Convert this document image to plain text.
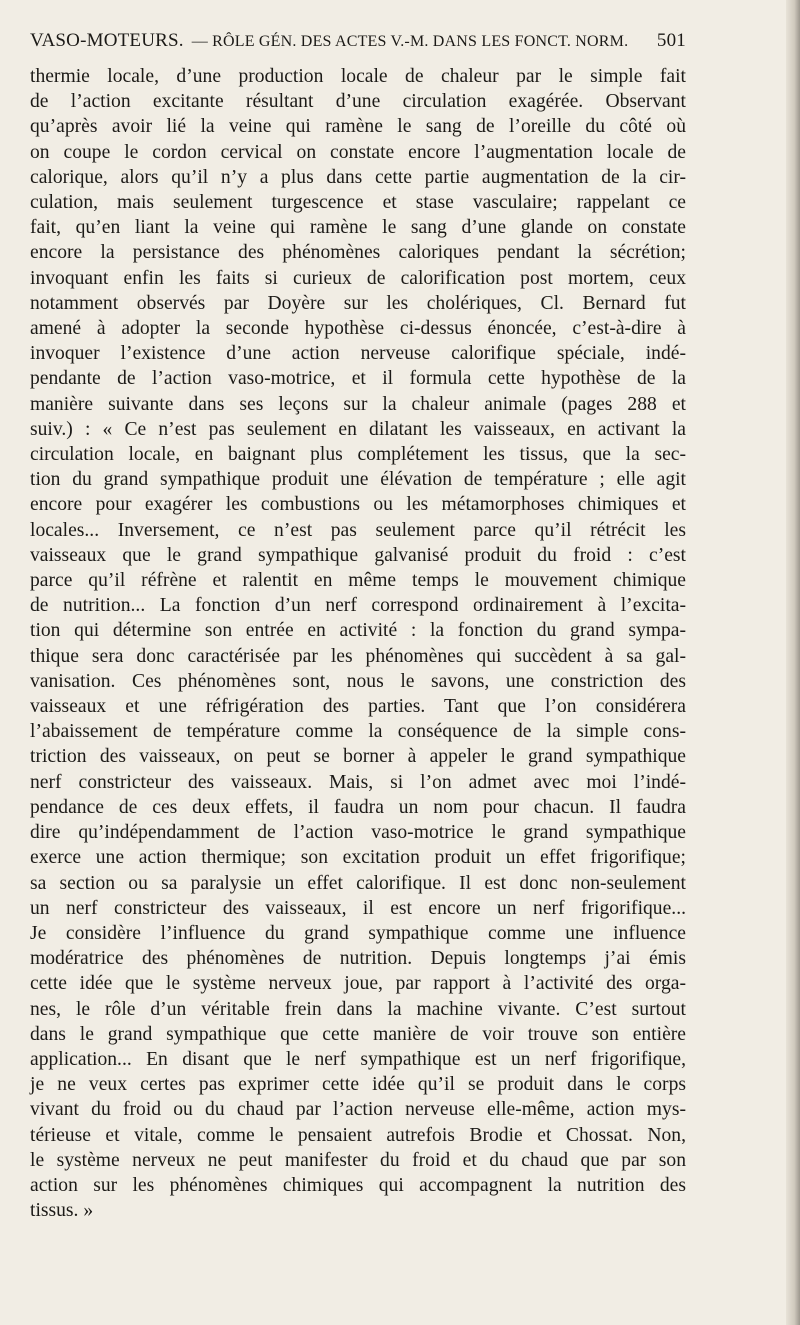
VASO-MOTEURS. — RÔLE GÉN. DES ACTES V.-M. DANS LES FONCT. NORM.	501

thermie locale, d’une production locale de chaleur par le simple fait
de l’action excitante résultant d’une circulation exagérée. Observant
qu’après avoir lié la veine qui ramène le sang de l’oreille du côté où
on coupe le cordon cervical on constate encore l’augmentation locale de
calorique, alors qu’il n’y a plus dans cette partie augmentation de la cir-
culation, mais seulement turgescence et stase vasculaire; rappelant ce
fait, qu’en liant la veine qui ramène le sang d’une glande on constate
encore la persistance des phénomènes caloriques pendant la sécrétion;
invoquant enfin les faits si curieux de calorification post mortem, ceux
notamment observés par Doyère sur les cholériques, Cl. Bernard fut
amené à adopter la seconde hypothèse ci-dessus énoncée, c’est-à-dire à
invoquer l’existence d’une action nerveuse calorifique spéciale, indé-
pendante de l’action vaso-motrice, et il formula cette hypothèse de la
manière suivante dans ses leçons sur la chaleur animale (pages 288 et
suiv.) : « Ce n’est pas seulement en dilatant les vaisseaux, en activant la
circulation locale, en baignant plus complétement les tissus, que la sec-
tion du grand sympathique produit une élévation de température ; elle agit
encore pour exagérer les combustions ou les métamorphoses chimiques et
locales... Inversement, ce n’est pas seulement parce qu’il rétrécit les
vaisseaux que le grand sympathique galvanisé produit du froid : c’est
parce qu’il réfrène et ralentit en même temps le mouvement chimique
de nutrition... La fonction d’un nerf correspond ordinairement à l’excita-
tion qui détermine son entrée en activité : la fonction du grand sympa-
thique sera donc caractérisée par les phénomènes qui succèdent à sa gal-
vanisation. Ces phénomènes sont, nous le savons, une constriction des
vaisseaux et une réfrigération des parties. Tant que l’on considérera
l’abaissement de température comme la conséquence de la simple cons-
triction des vaisseaux, on peut se borner à appeler le grand sympathique
nerf constricteur des vaisseaux. Mais, si l’on admet avec moi l’indé-
pendance de ces deux effets, il faudra un nom pour chacun. Il faudra
dire qu’indépendamment de l’action vaso-motrice le grand sympathique
exerce une action thermique; son excitation produit un effet frigorifique;
sa section ou sa paralysie un effet calorifique. Il est donc non-seulement
un nerf constricteur des vaisseaux, il est encore un nerf frigorifique...
Je considère l’influence du grand sympathique comme une influence
modératrice des phénomènes de nutrition. Depuis longtemps j’ai émis
cette idée que le système nerveux joue, par rapport à l’activité des orga-
nes, le rôle d’un véritable frein dans la machine vivante. C’est surtout
dans le grand sympathique que cette manière de voir trouve son entière
application... En disant que le nerf sympathique est un nerf frigorifique,
je ne veux certes pas exprimer cette idée qu’il se produit dans le corps
vivant du froid ou du chaud par l’action nerveuse elle-même, action mys-
térieuse et vitale, comme le pensaient autrefois Brodie et Chossat. Non,
le système nerveux ne peut manifester du froid et du chaud que par son
action sur les phénomènes chimiques qui accompagnent la nutrition des
tissus. »
